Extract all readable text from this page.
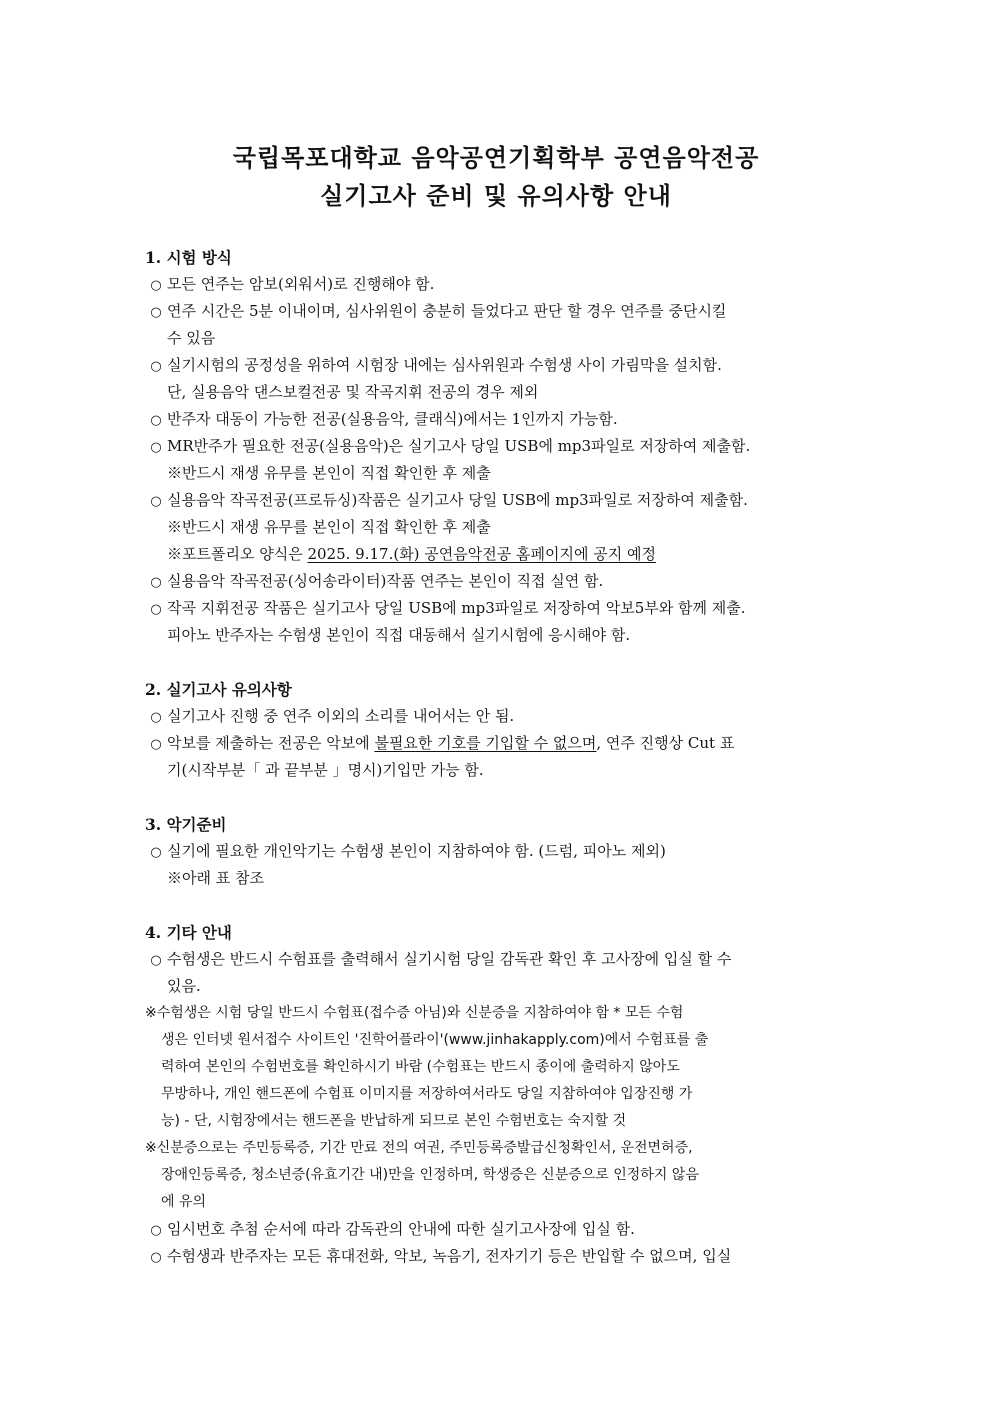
국립목포대학교 음악공연기획학부 공연음악전공
실기고사 준비 및 유의사항 안내
1. 시험 방식
○ 모든 연주는 암보(외워서)로 진행해야 함.
○ 연주 시간은 5분 이내이며, 심사위원이 충분히 들었다고 판단 할 경우 연주를 중단시킬
수 있음
○ 실기시험의 공정성을 위하여 시험장 내에는 심사위원과 수험생 사이 가림막을 설치함.
단, 실용음악 댄스보컬전공 및 작곡지휘 전공의 경우 제외
○ 반주자 대동이 가능한 전공(실용음악, 클래식)에서는 1인까지 가능함.
○ MR반주가 필요한 전공(실용음악)은 실기고사 당일 USB에 mp3파일로 저장하여 제출함.
※반드시 재생 유무를 본인이 직접 확인한 후 제출
○ 실용음악 작곡전공(프로듀싱)작품은 실기고사 당일 USB에 mp3파일로 저장하여 제출함.
※반드시 재생 유무를 본인이 직접 확인한 후 제출
※포트폴리오 양식은 2025. 9.17.(화) 공연음악전공 홈페이지에 공지 예정
○ 실용음악 작곡전공(싱어송라이터)작품 연주는 본인이 직접 실연 함.
○ 작곡 지휘전공 작품은 실기고사 당일 USB에 mp3파일로 저장하여 악보5부와 함께 제출.
피아노 반주자는 수험생 본인이 직접 대동해서 실기시험에 응시해야 함.
2. 실기고사 유의사항
○ 실기고사 진행 중 연주 이외의 소리를 내어서는 안 됨.
○ 악보를 제출하는 전공은 악보에 불필요한 기호를 기입할 수 없으며, 연주 진행상 Cut 표
기(시작부분「 과 끝부분 」명시)기입만 가능 함.
3. 악기준비
○ 실기에 필요한 개인악기는 수험생 본인이 지참하여야 함. (드럼, 피아노 제외)
※아래 표 참조
4. 기타 안내
○ 수험생은 반드시 수험표를 출력해서 실기시험 당일 감독관 확인 후 고사장에 입실 할 수
있음.
※수험생은 시험 당일 반드시 수험표(접수증 아님)와 신분증을 지참하여야 함 * 모든 수험
생은 인터넷 원서접수 사이트인 '진학어플라이'(www.jinhakapply.com)에서 수험표를 출
력하여 본인의 수험번호를 확인하시기 바람 (수험표는 반드시 종이에 출력하지 않아도
무방하나, 개인 핸드폰에 수험표 이미지를 저장하여서라도 당일 지참하여야 입장진행 가
능) - 단, 시험장에서는 핸드폰을 반납하게 되므로 본인 수험번호는 숙지할 것
※신분증으로는 주민등록증, 기간 만료 전의 여권, 주민등록증발급신청확인서, 운전면허증,
장애인등록증, 청소년증(유효기간 내)만을 인정하며, 학생증은 신분증으로 인정하지 않음
에 유의
○ 임시번호 추첨 순서에 따라 감독관의 안내에 따한 실기고사장에 입실 함.
○ 수험생과 반주자는 모든 휴대전화, 악보, 녹음기, 전자기기 등은 반입할 수 없으며, 입실
